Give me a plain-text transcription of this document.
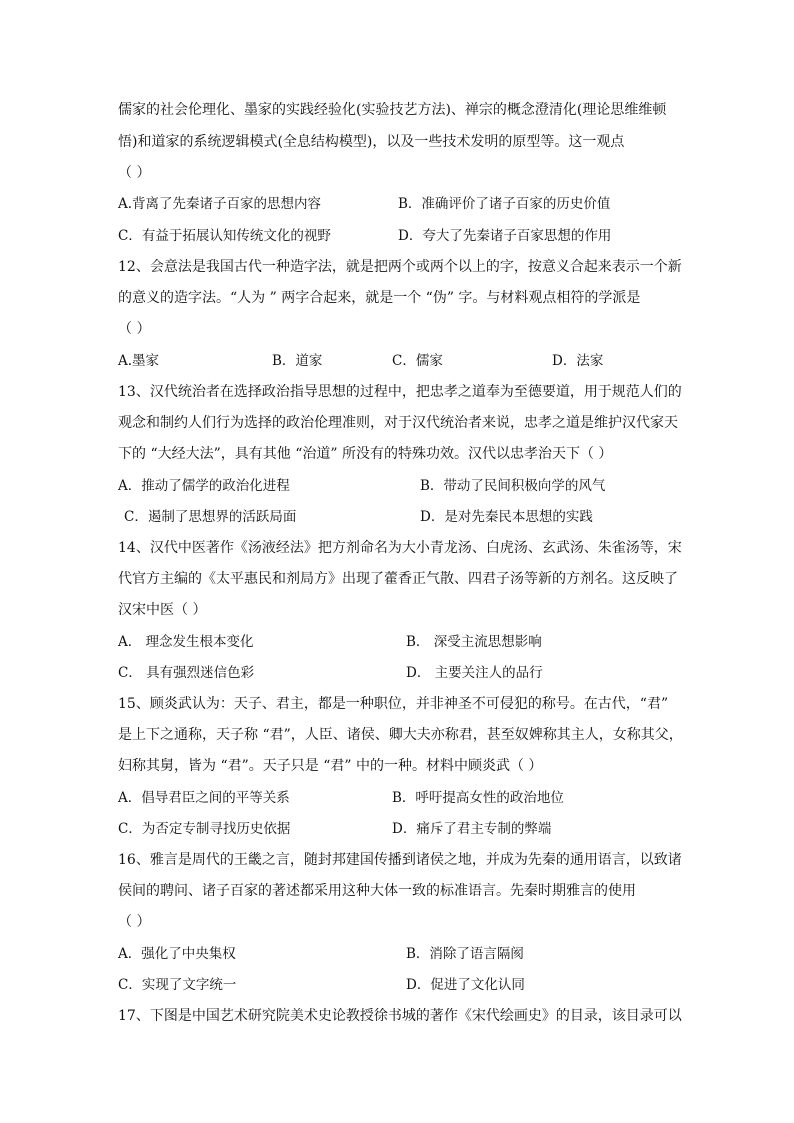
儒家的社会伦理化、墨家的实践经验化(实验技艺方法)、禅宗的概念澄清化(理论思维维顿
悟)和道家的系统逻辑模式(全息结构模型)，以及一些技术发明的原型等。这一观点
（ ）
A.背离了先秦诸子百家的思想内容	B．准确评价了诸子百家的历史价值
C．有益于拓展认知传统文化的视野	D．夸大了先秦诸子百家思想的作用
12、会意法是我国古代一种造字法，就是把两个或两个以上的字，按意义合起来表示一个新
的意义的造字法。“人为 ” 两字合起来，就是一个 “伪” 字。与材料观点相符的学派是
（ ）
A.墨家	B．道家	C．儒家	D．法家
13、汉代统治者在选择政治指导思想的过程中，把忠孝之道奉为至德要道，用于规范人们的
观念和制约人们行为选择的政治伦理准则，对于汉代统治者来说，忠孝之道是维护汉代家天
下的 “大经大法”，具有其他 “治道” 所没有的特殊功效。汉代以忠孝治天下（ ）
A．推动了儒学的政治化进程	B．带动了民间积极向学的风气
C．遏制了思想界的活跃局面	D．是对先秦民本思想的实践
14、汉代中医著作《汤液经法》把方剂命名为大小青龙汤、白虎汤、玄武汤、朱雀汤等，宋
代官方主编的《太平惠民和剂局方》出现了藿香正气散、四君子汤等新的方剂名。这反映了
汉宋中医（ ）
A． 理念发生根本变化	B． 深受主流思想影响
C． 具有强烈迷信色彩	D． 主要关注人的品行
15、顾炎武认为：天子、君主，都是一种职位，并非神圣不可侵犯的称号。在古代，“君”
是上下之通称，天子称 “君”，人臣、诸侯、卿大夫亦称君，甚至奴婢称其主人，女称其父，
妇称其舅，皆为 “君”。天子只是 “君” 中的一种。材料中顾炎武（ ）
A．倡导君臣之间的平等关系	B．呼吁提高女性的政治地位
C．为否定专制寻找历史依据	D．痛斥了君主专制的弊端
16、雅言是周代的王畿之言，随封邦建国传播到诸侯之地，并成为先秦的通用语言，以致诸
侯间的聘问、诸子百家的著述都采用这种大体一致的标准语言。先秦时期雅言的使用
（ ）
A．强化了中央集权	B．消除了语言隔阂
C．实现了文字统一	D．促进了文化认同
17、下图是中国艺术研究院美术史论教授徐书城的著作《宋代绘画史》的目录，该目录可以
